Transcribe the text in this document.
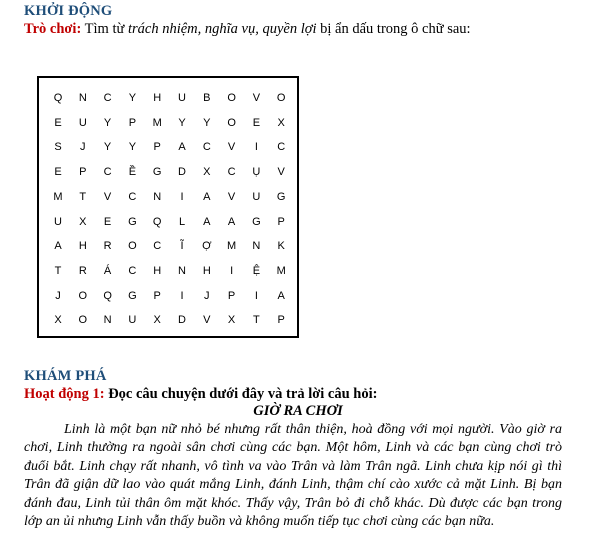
KHỞI ĐỘNG
Trò chơi: Tìm từ trách nhiệm, nghĩa vụ, quyền lợi bị ẩn dấu trong ô chữ sau:
Q	N	C	Y	H	U	B	O	V	O
E	U	Y	P	M	Y	Y	O	E	X
S	J	Y	Y	P	A	C	V	I	C
E	P	C	Ề	G	D	X	C	Ụ	V
M	T	V	C	N	I	A	V	U	G
U	X	E	G	Q	L	A	A	G	P
A	H	R	O	C	Ĩ	Ợ	M	N	K
T	R	Á	C	H	N	H	I	Ệ	M
J	O	Q	G	P	I	J	P	I	A
X	O	N	U	X	D	V	X	T	P
KHÁM PHÁ
Hoạt động 1: Đọc câu chuyện dưới đây và trả lời câu hỏi:
GIỜ RA CHƠI

Linh là một bạn nữ nhỏ bé nhưng rất thân thiện, hoà đồng với mọi người. Vào giờ ra chơi, Linh thường ra ngoài sân chơi cùng các bạn. Một hôm, Linh và các bạn cùng chơi trò đuổi bắt. Linh chạy rất nhanh, vô tình va vào Trân và làm Trân ngã. Linh chưa kịp nói gì thì Trân đã giận dữ lao vào quát mắng Linh, đánh Linh, thậm chí cào xước cả mặt Linh. Bị bạn đánh đau, Linh tủi thân ôm mặt khóc. Thấy vậy, Trân bỏ đi chỗ khác. Dù được các bạn trong lớp an ủi nhưng Linh vẫn thấy buồn và không muốn tiếp tục chơi cùng các bạn nữa.
